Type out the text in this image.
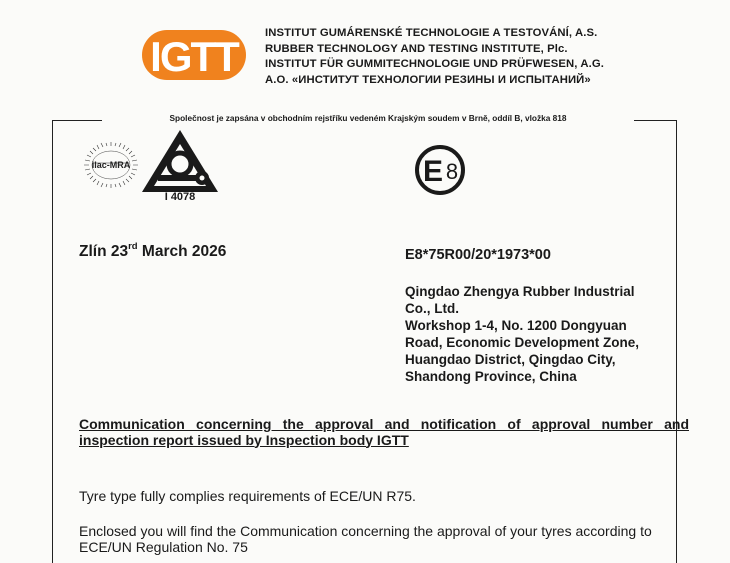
IGTT INSTITUT GUMÁRENSKÉ TECHNOLOGIE A TESTOVÁNÍ, A.S.
RUBBER TECHNOLOGY AND TESTING INSTITUTE, Plc.
INSTITUT FÜR GUMMITECHNOLOGIE UND PRÜFWESEN, A.G.
A.O. «ИНСТИТУТ ТЕХНОЛОГИИ РЕЗИНЫ И ИСПЫТАНИЙ»
Společnost je zapsána v obchodním rejstříku vedeném Krajským soudem v Brně, oddíl B, vložka 818
ilac-MRA
I 4078
E 8
Zlín 23rd March 2026	E8*75R00/20*1973*00
Qingdao Zhengya Rubber Industrial
Co., Ltd.
Workshop 1-4, No. 1200 Dongyuan
Road, Economic Development Zone,
Huangdao District, Qingdao City,
Shandong Province, China
Communication concerning the approval and notification of approval number and inspection report issued by Inspection body IGTT
Tyre type fully complies requirements of ECE/UN R75.
Enclosed you will find the Communication concerning the approval of your tyres according to ECE/UN Regulation No. 75
